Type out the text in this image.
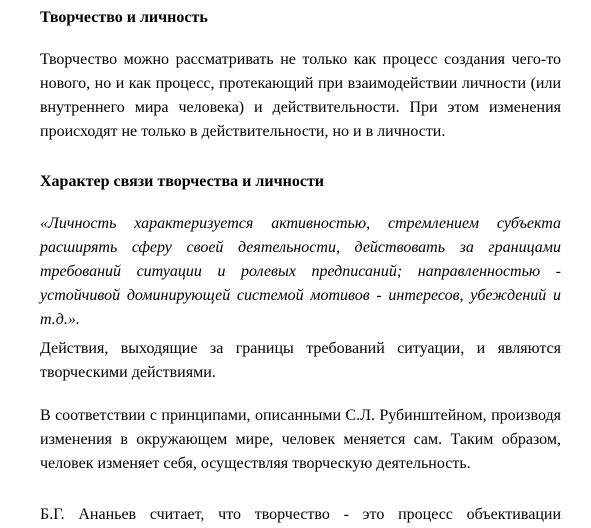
Творчество и личность

Творчество можно рассматривать не только как процесс создания чего-то нового, но и как процесс, протекающий при взаимодействии личности (или внутреннего мира человека) и действительности. При этом изменения происходят не только в действительности, но и в личности.

Характер связи творчества и личности

«Личность характеризуется активностью, стремлением субъекта расширять сферу своей деятельности, действовать за границами требований ситуации и ролевых предписаний; направленностью - устойчивой доминирующей системой мотивов - интересов, убеждений и т.д.».

Действия, выходящие за границы требований ситуации, и являются творческими действиями.

В соответствии с принципами, описанными С.Л. Рубинштейном, производя изменения в окружающем мире, человек меняется сам. Таким образом, человек изменяет себя, осуществляя творческую деятельность.

Б.Г. Ананьев считает, что творчество - это процесс объективации
